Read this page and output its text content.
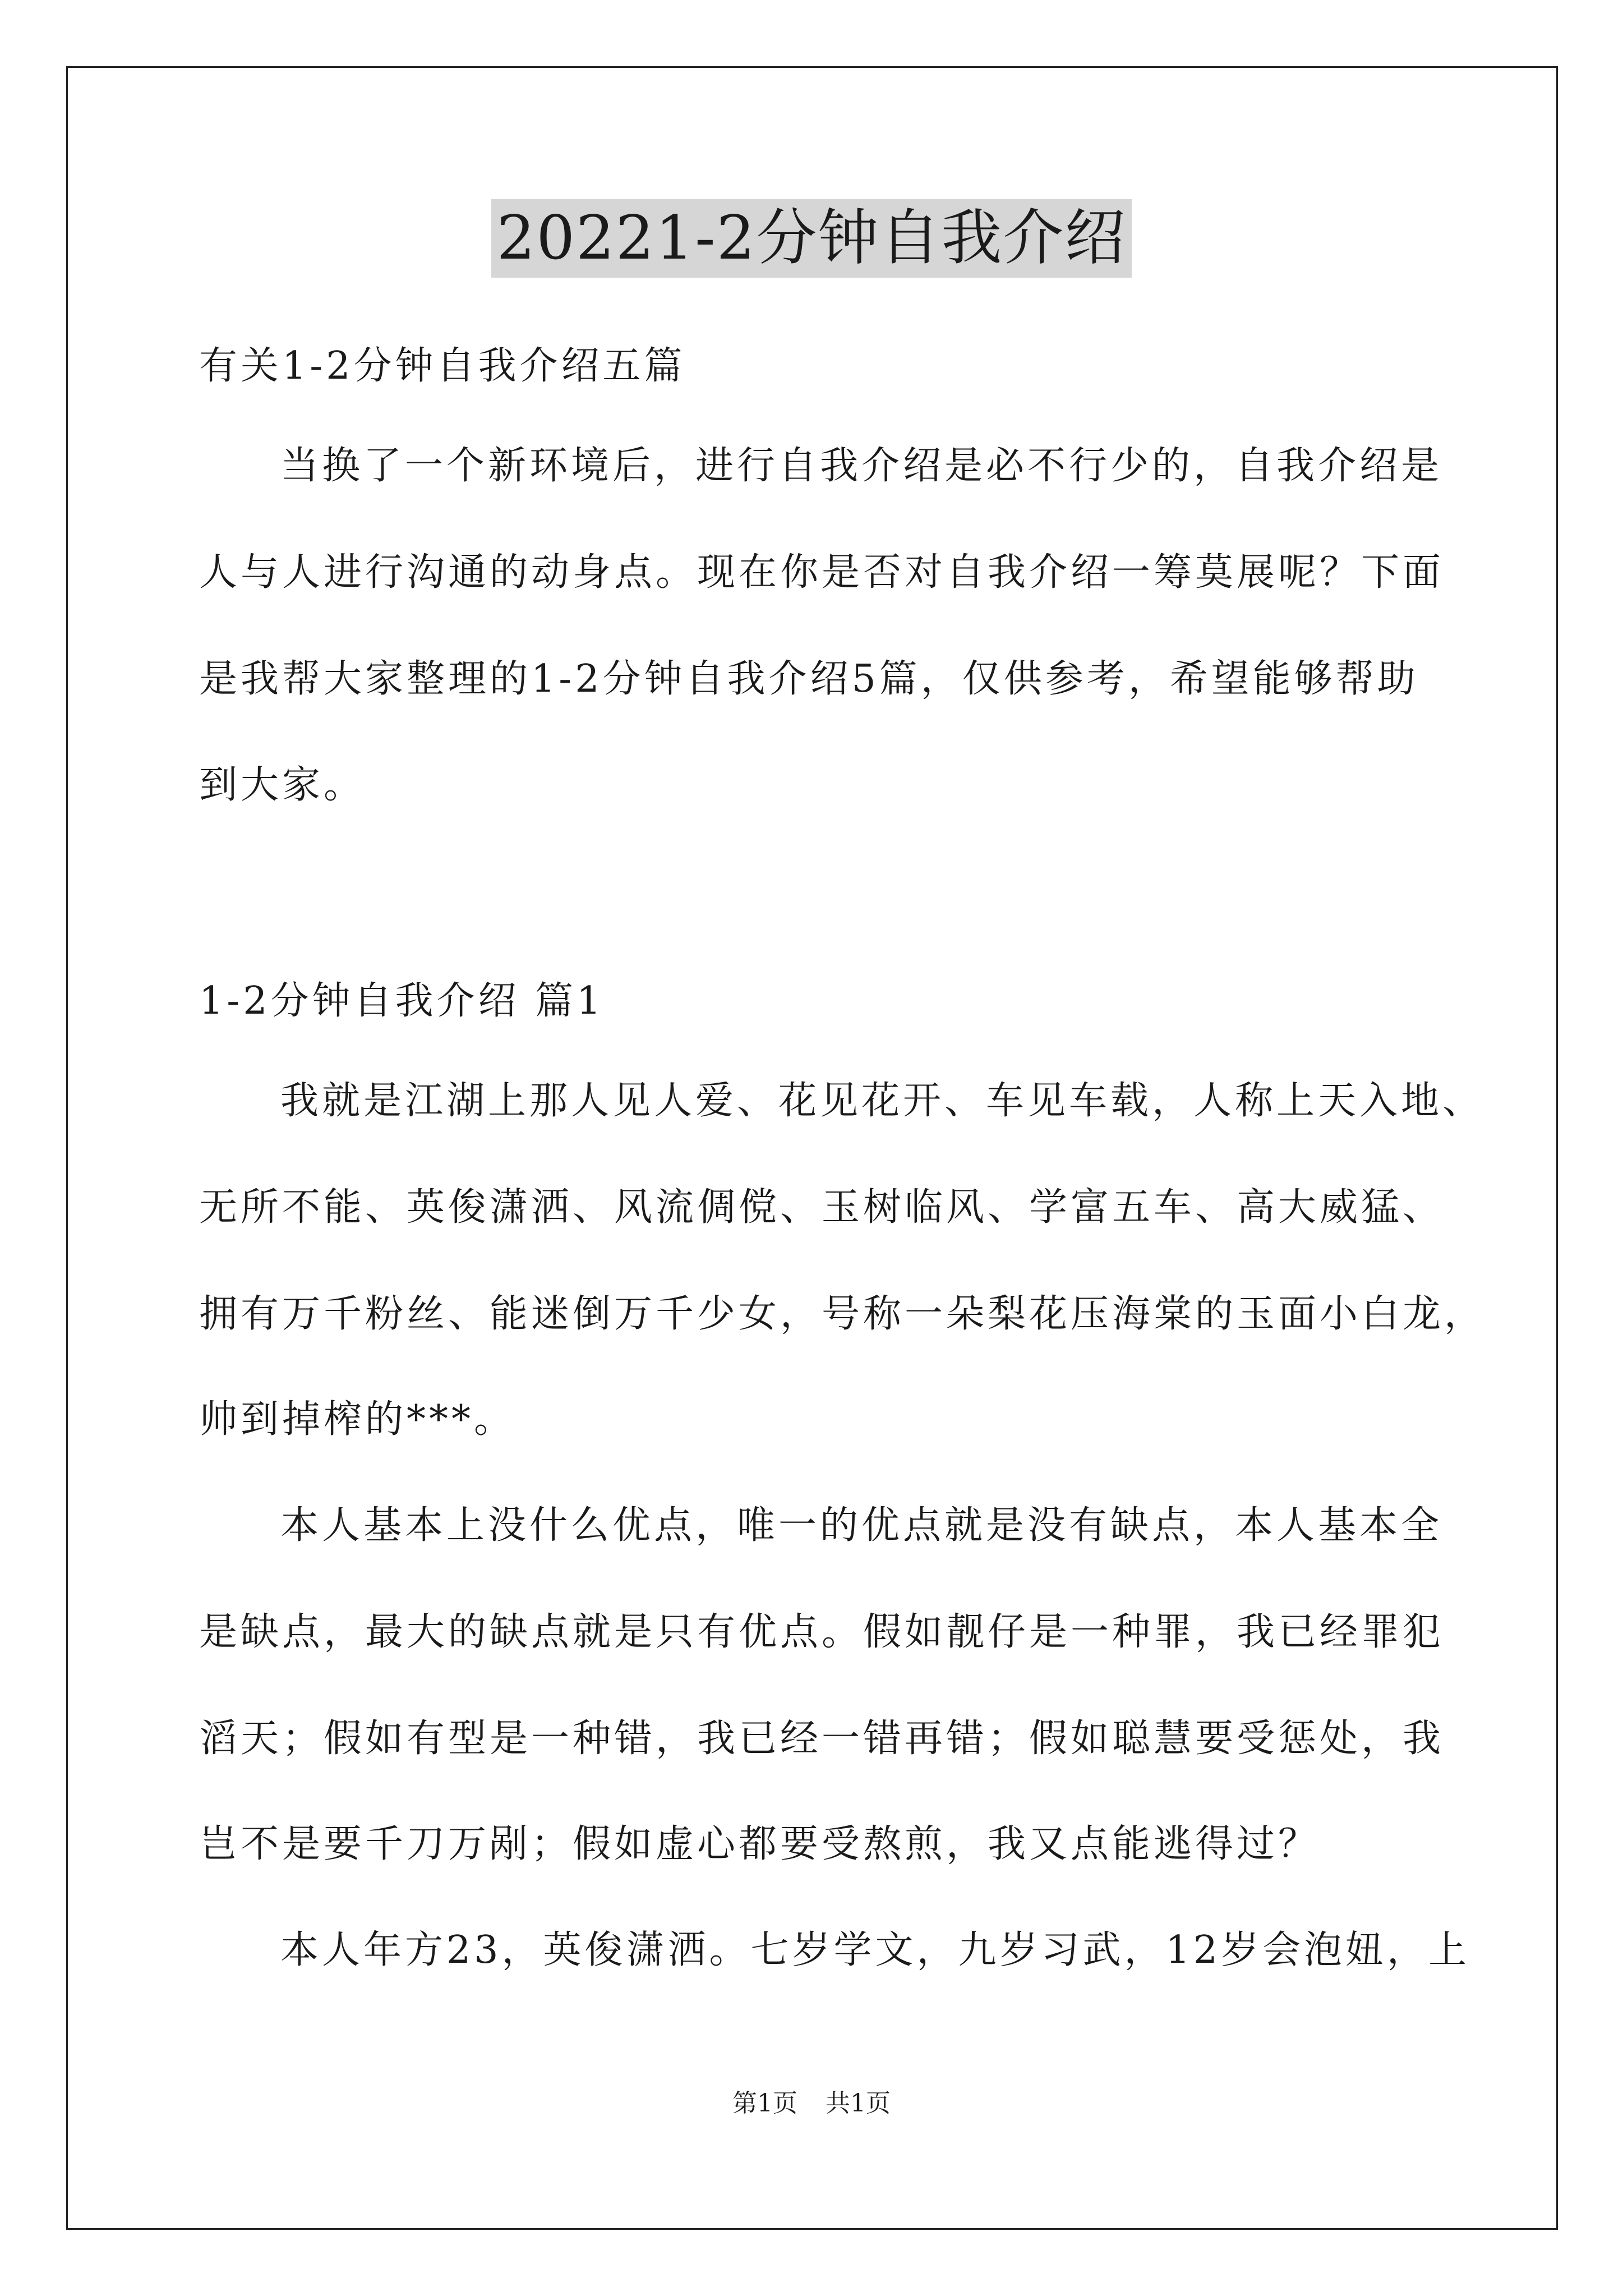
20221-2分钟自我介绍
有关1-2分钟自我介绍五篇
当换了一个新环境后，进行自我介绍是必不行少的，自我介绍是
人与人进行沟通的动身点。现在你是否对自我介绍一筹莫展呢？下面
是我帮大家整理的1-2分钟自我介绍5篇，仅供参考，希望能够帮助
到大家。
1-2分钟自我介绍 篇1
我就是江湖上那人见人爱、花见花开、车见车载，人称上天入地、
无所不能、英俊潇洒、风流倜傥、玉树临风、学富五车、高大威猛、
拥有万千粉丝、能迷倒万千少女，号称一朵梨花压海棠的玉面小白龙，
帅到掉榨的***。
本人基本上没什么优点，唯一的优点就是没有缺点，本人基本全
是缺点，最大的缺点就是只有优点。假如靓仔是一种罪，我已经罪犯
滔天；假如有型是一种错，我已经一错再错；假如聪慧要受惩处，我
岂不是要千刀万剐；假如虚心都要受熬煎，我又点能逃得过？
本人年方23，英俊潇洒。七岁学文，九岁习武，12岁会泡妞，上
第1页 共1页
